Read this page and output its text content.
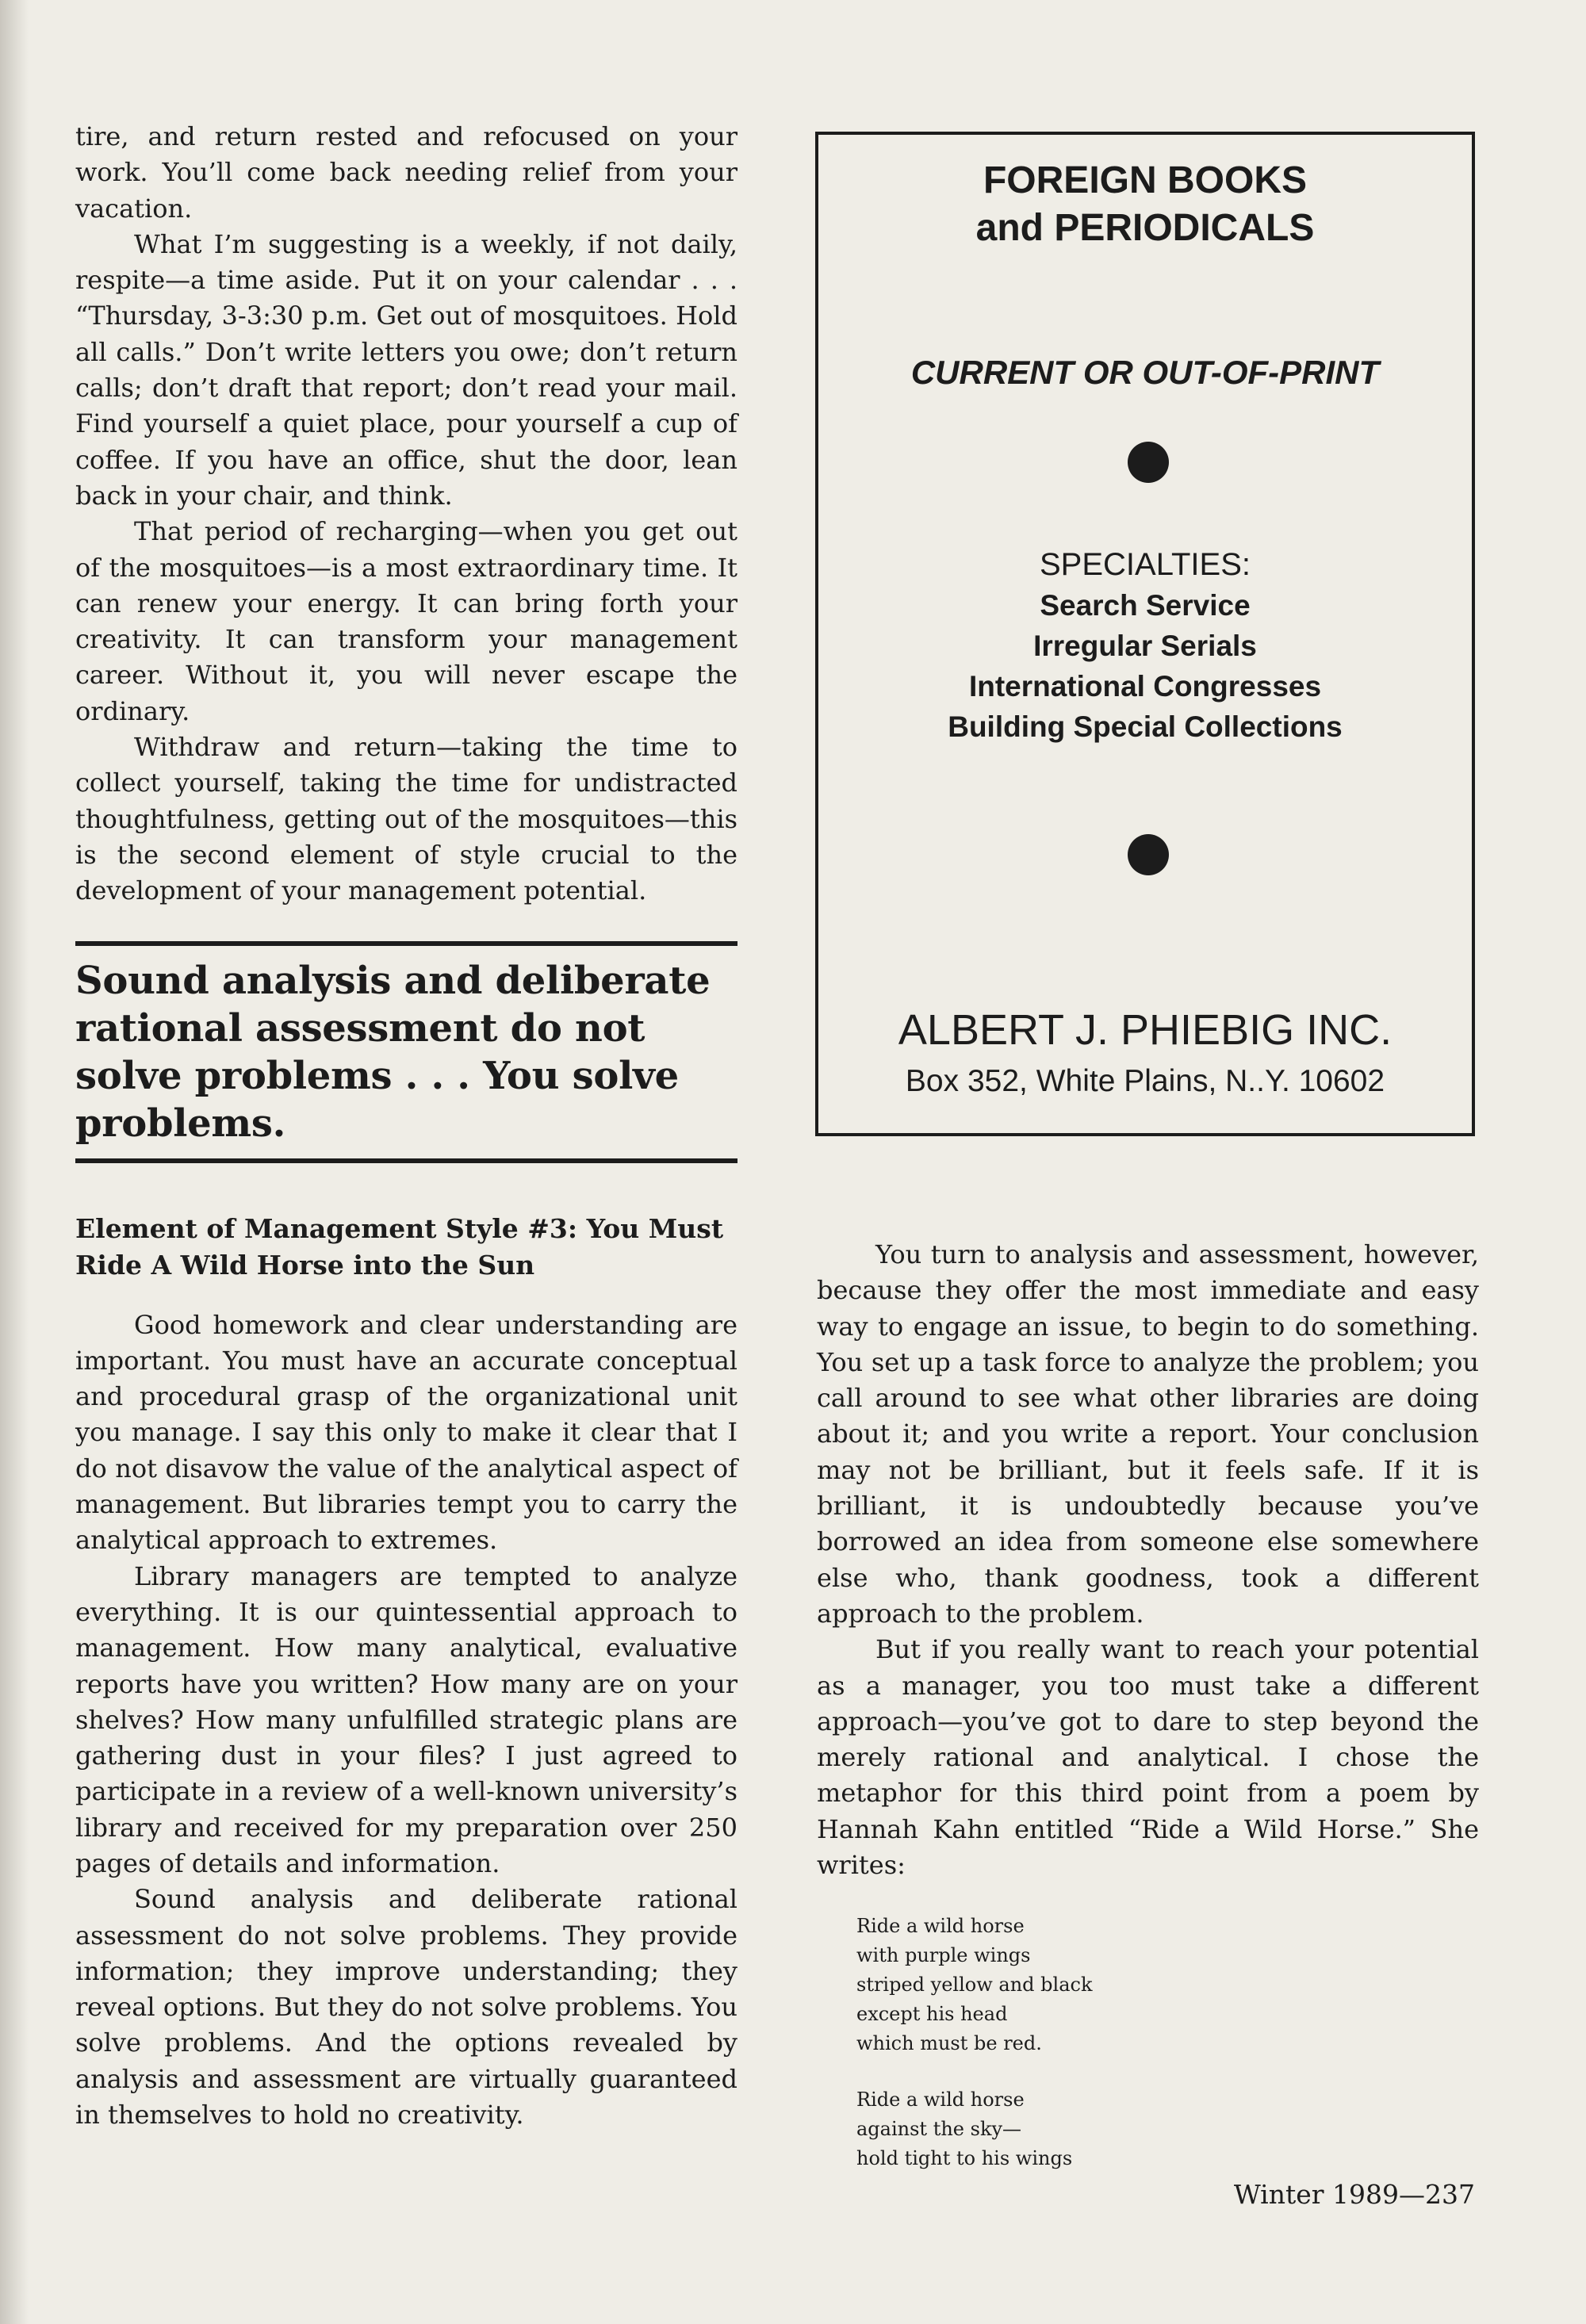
tire, and return rested and refocused on your work. You’ll come back needing relief from your vacation.

What I’m suggesting is a weekly, if not daily, respite—a time aside. Put it on your calendar . . . “Thursday, 3-3:30 p.m. Get out of mosquitoes. Hold all calls.” Don’t write letters you owe; don’t return calls; don’t draft that report; don’t read your mail. Find yourself a quiet place, pour yourself a cup of coffee. If you have an office, shut the door, lean back in your chair, and think.

That period of recharging—when you get out of the mosquitoes—is a most extraordinary time. It can renew your energy. It can bring forth your creativity. It can transform your management career. Without it, you will never escape the ordinary.

Withdraw and return—taking the time to collect yourself, taking the time for undistracted thoughtfulness, getting out of the mosquitoes—this is the second element of style crucial to the development of your management potential.

Sound analysis and deliberate rational assessment do not solve problems . . . You solve problems.
Element of Management Style #3: You Must Ride A Wild Horse into the Sun

Good homework and clear understanding are important. You must have an accurate conceptual and procedural grasp of the organizational unit you manage. I say this only to make it clear that I do not disavow the value of the analytical aspect of management. But libraries tempt you to carry the analytical approach to extremes.

Library managers are tempted to analyze everything. It is our quintessential approach to management. How many analytical, evaluative reports have you written? How many are on your shelves? How many unfulfilled strategic plans are gathering dust in your files? I just agreed to participate in a review of a well-known university’s library and received for my preparation over 250 pages of details and information.

Sound analysis and deliberate rational assessment do not solve problems. They provide information; they improve understanding; they reveal options. But they do not solve problems. You solve problems. And the options revealed by analysis and assessment are virtually guaranteed in themselves to hold no creativity.

FOREIGN BOOKS
and PERIODICALS
CURRENT OR OUT-OF-PRINT
SPECIALTIES:
Search Service
Irregular Serials
International Congresses
Building Special Collections
ALBERT J. PHIEBIG INC.
Box 352, White Plains, N..Y. 10602

You turn to analysis and assessment, however, because they offer the most immediate and easy way to engage an issue, to begin to do something. You set up a task force to analyze the problem; you call around to see what other libraries are doing about it; and you write a report. Your conclusion may not be brilliant, but it feels safe. If it is brilliant, it is undoubtedly because you’ve borrowed an idea from someone else somewhere else who, thank goodness, took a different approach to the problem.

But if you really want to reach your potential as a manager, you too must take a different approach—you’ve got to dare to step beyond the merely rational and analytical. I chose the metaphor for this third point from a poem by Hannah Kahn entitled “Ride a Wild Horse.” She writes:

Ride a wild horse
with purple wings
striped yellow and black
except his head
which must be red.
Ride a wild horse
against the sky—
hold tight to his wings
Winter 1989—237
